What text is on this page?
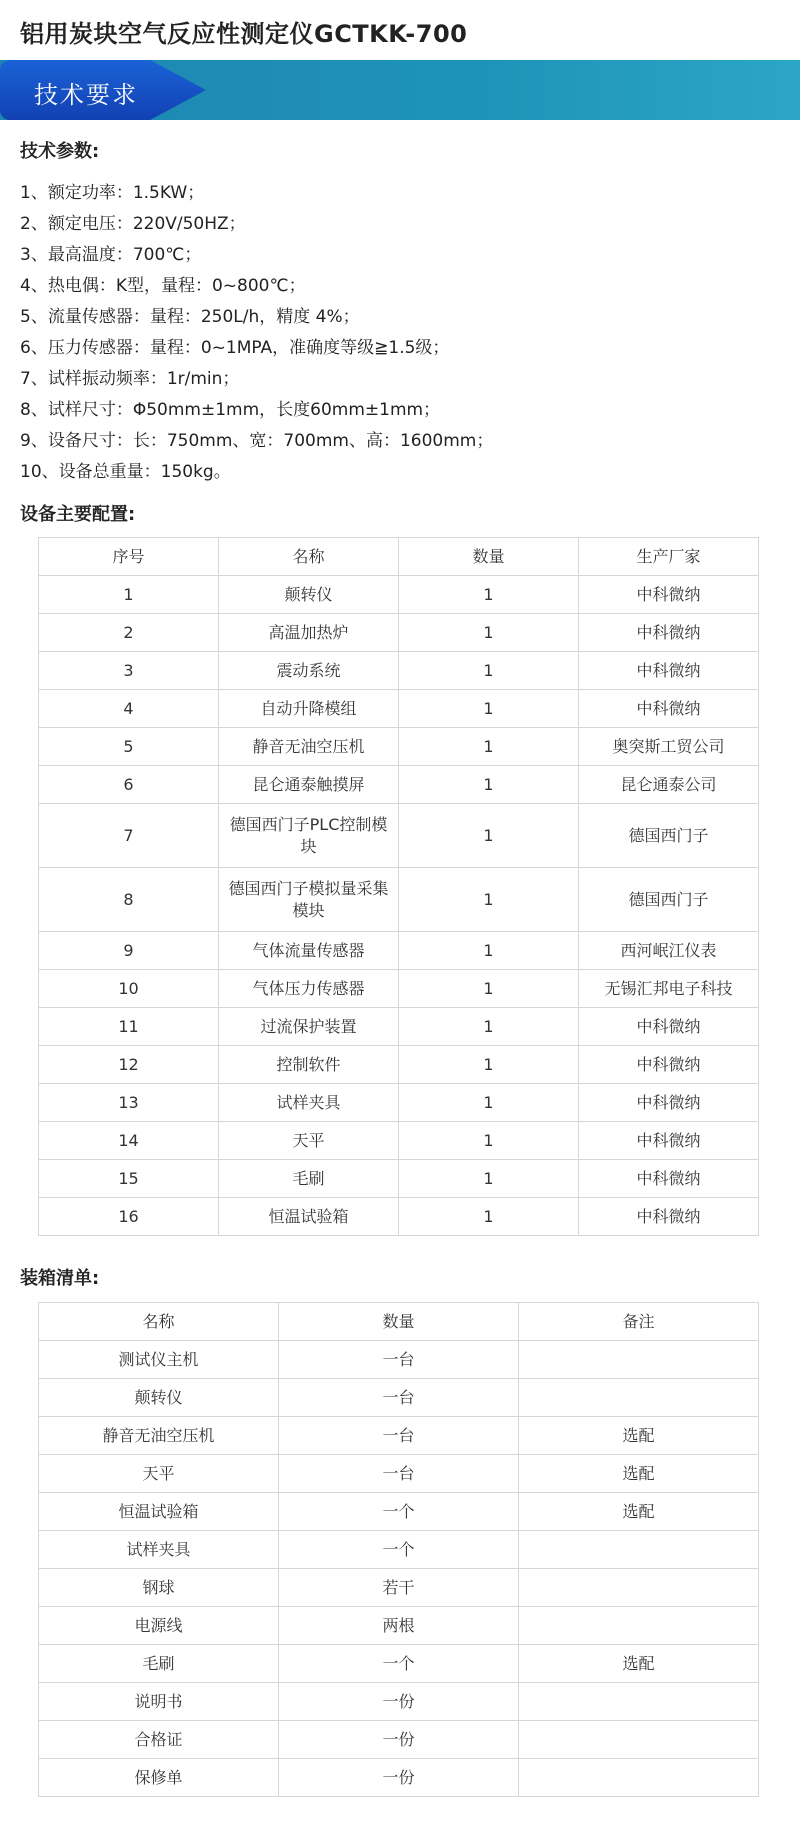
铝用炭块空气反应性测定仪GCTKK-700
技术要求
技术参数:
1、额定功率：1.5KW；
2、额定电压：220V/50HZ；
3、最高温度：700℃；
4、热电偶：K型，量程：0~800℃；
5、流量传感器：量程：250L/h，精度 4%；
6、压力传感器：量程：0~1MPA，准确度等级≧1.5级；
7、试样振动频率：1r/min；
8、试样尺寸：Φ50mm±1mm，长度60mm±1mm；
9、设备尺寸：长：750mm、宽：700mm、高：1600mm；
10、设备总重量：150kg。
设备主要配置:
序号	名称	数量	生产厂家
1	颠转仪	1	中科微纳
2	高温加热炉	1	中科微纳
3	震动系统	1	中科微纳
4	自动升降模组	1	中科微纳
5	静音无油空压机	1	奥突斯工贸公司
6	昆仑通泰触摸屏	1	昆仑通泰公司
7	德国西门子PLC控制模块	1	德国西门子
8	德国西门子模拟量采集模块	1	德国西门子
9	气体流量传感器	1	西河岷江仪表
10	气体压力传感器	1	无锡汇邦电子科技
11	过流保护装置	1	中科微纳
12	控制软件	1	中科微纳
13	试样夹具	1	中科微纳
14	天平	1	中科微纳
15	毛刷	1	中科微纳
16	恒温试验箱	1	中科微纳
装箱清单:
名称	数量	备注
测试仪主机	一台	
颠转仪	一台	
静音无油空压机	一台	选配
天平	一台	选配
恒温试验箱	一个	选配
试样夹具	一个	
钢球	若干	
电源线	两根	
毛刷	一个	选配
说明书	一份	
合格证	一份	
保修单	一份	
